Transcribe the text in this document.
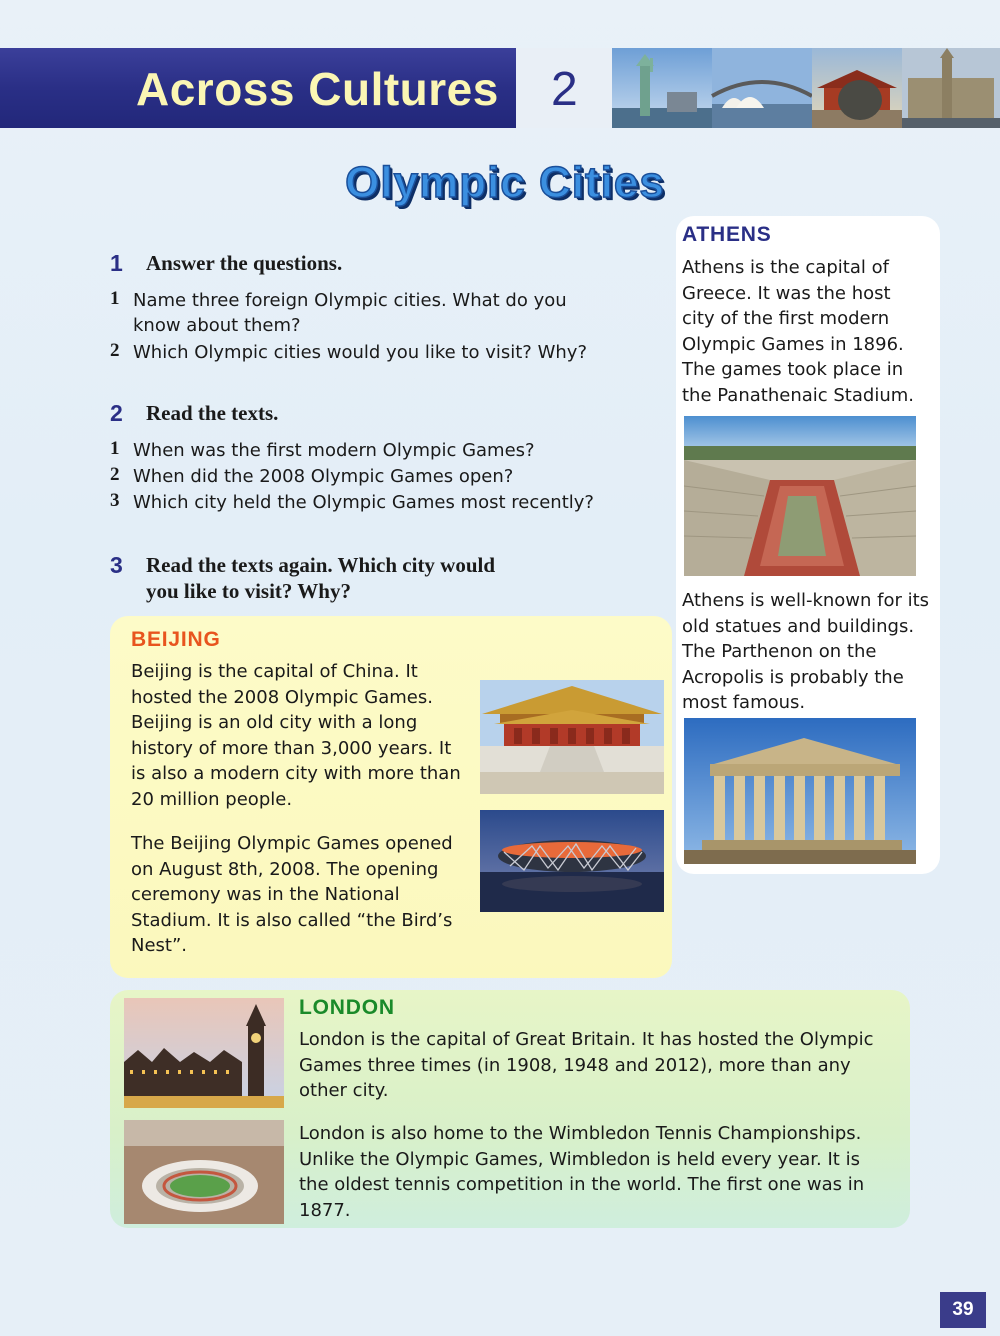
Across Cultures 2
Olympic Cities
1 Answer the questions.
1 Name three foreign Olympic cities. What do you
know about them?
2 Which Olympic cities would you like to visit? Why?
2 Read the texts.
1 When was the first modern Olympic Games?
2 When did the 2008 Olympic Games open?
3 Which city held the Olympic Games most recently?
3 Read the texts again. Which city would
you like to visit? Why?
ATHENS
Athens is the capital of
Greece. It was the host
city of the first modern
Olympic Games in 1896.
The games took place in
the Panathenaic Stadium.
Athens is well-known for its
old statues and buildings.
The Parthenon on the
Acropolis is probably the
most famous.
BEIJING
Beijing is the capital of China. It
hosted the 2008 Olympic Games.
Beijing is an old city with a long
history of more than 3,000 years. It
is also a modern city with more than
20 million people.
The Beijing Olympic Games opened
on August 8th, 2008. The opening
ceremony was in the National
Stadium. It is also called “the Bird’s
Nest”.
LONDON
London is the capital of Great Britain. It has hosted the Olympic
Games three times (in 1908, 1948 and 2012), more than any
other city.
London is also home to the Wimbledon Tennis Championships.
Unlike the Olympic Games, Wimbledon is held every year. It is
the oldest tennis competition in the world. The first one was in
1877.
39
